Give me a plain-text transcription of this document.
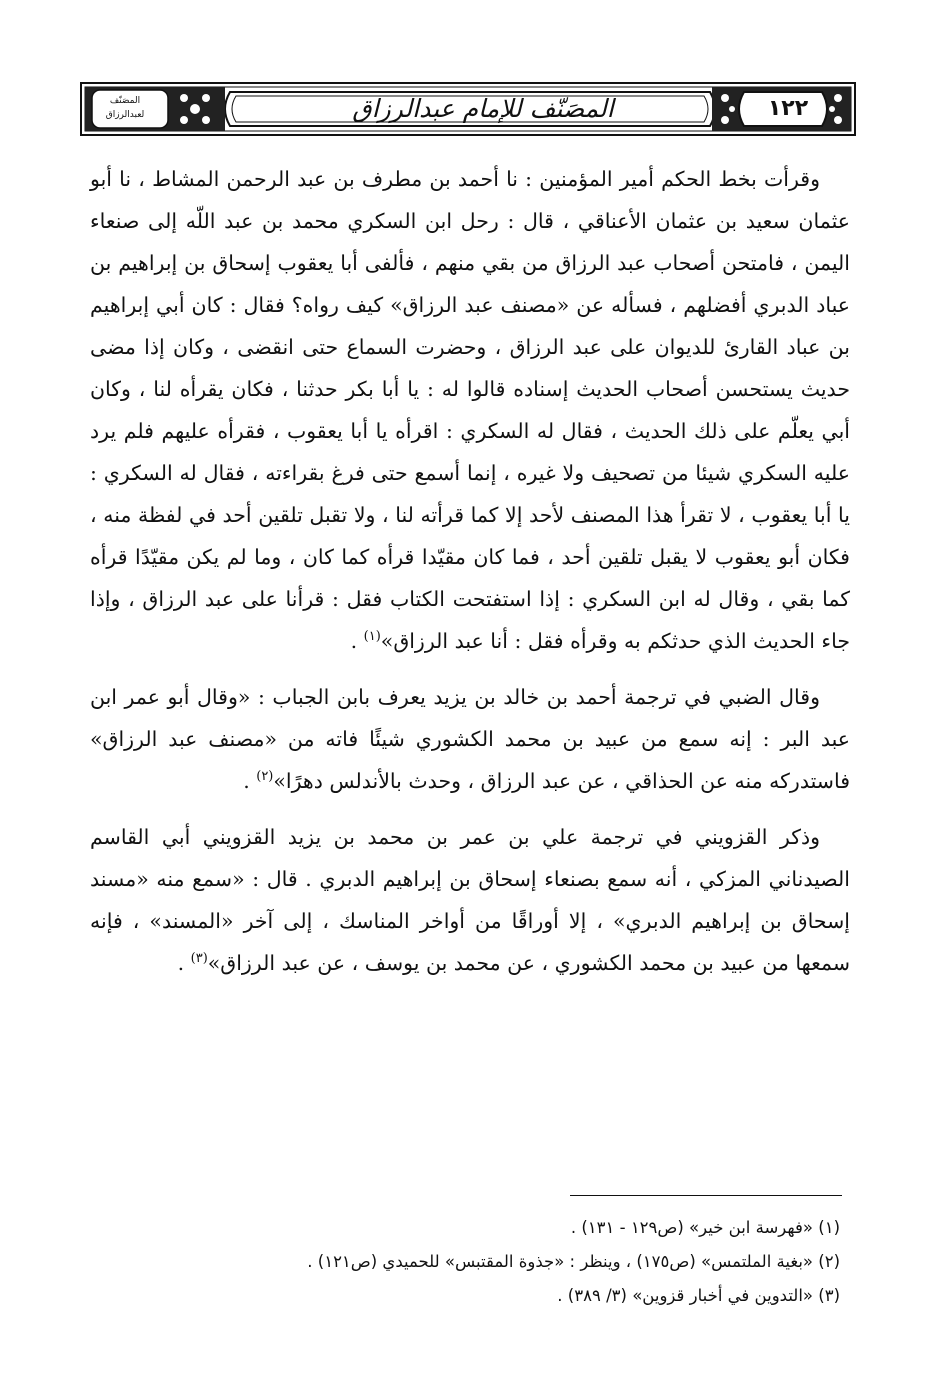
١٢٢
المصَنّف للإمام عبدالرزاق
المصَنّف لعبدالرزاق

وقرأت بخط الحكم أمير المؤمنين : نا أحمد بن مطرف بن عبد الرحمن المشاط ، نا أبو عثمان سعيد بن عثمان الأعناقي ، قال : رحل ابن السكري محمد بن عبد اللّه إلى صنعاء اليمن ، فامتحن أصحاب عبد الرزاق من بقي منهم ، فألفى أبا يعقوب إسحاق بن إبراهيم بن عباد الدبري أفضلهم ، فسأله عن «مصنف عبد الرزاق» كيف رواه؟ فقال : كان أبي إبراهيم بن عباد القارئ للديوان على عبد الرزاق ، وحضرت السماع حتى انقضى ، وكان إذا مضى حديث يستحسن أصحاب الحديث إسناده قالوا له : يا أبا بكر حدثنا ، فكان يقرأه لنا ، وكان أبي يعلّم على ذلك الحديث ، فقال له السكري : اقرأه يا أبا يعقوب ، فقرأه عليهم فلم يرد عليه السكري شيئا من تصحيف ولا غيره ، إنما أسمع حتى فرغ بقراءته ، فقال له السكري : يا أبا يعقوب ، لا تقرأ هذا المصنف لأحد إلا كما قرأته لنا ، ولا تقبل تلقين أحد في لفظة منه ، فكان أبو يعقوب لا يقبل تلقين أحد ، فما كان مقيّدا قرأه كما كان ، وما لم يكن مقيّدًا قرأه كما بقي ، وقال له ابن السكري : إذا استفتحت الكتاب فقل : قرأنا على عبد الرزاق ، وإذا جاء الحديث الذي حدثكم به وقرأه فقل : أنا عبد الرزاق»$^{(١)}$ .

وقال الضبي في ترجمة أحمد بن خالد بن يزيد يعرف بابن الجباب : «وقال أبو عمر ابن عبد البر : إنه سمع من عبيد بن محمد الكشوري شيئًا فاته من «مصنف عبد الرزاق» فاستدركه منه عن الحذاقي ، عن عبد الرزاق ، وحدث بالأندلس دهرًا»$^{(٢)}$ .

وذكر القزويني في ترجمة علي بن عمر بن محمد بن يزيد القزويني أبي القاسم الصيدناني المزكي ، أنه سمع بصنعاء إسحاق بن إبراهيم الدبري . قال : «سمع منه «مسند إسحاق بن إبراهيم الدبري» ، إلا أوراقًا من أواخر المناسك ، إلى آخر «المسند» ، فإنه سمعها من عبيد بن محمد الكشوري ، عن محمد بن يوسف ، عن عبد الرزاق»$^{(٣)}$ .

(١) «فهرسة ابن خير» (ص١٢٩ - ١٣١) .

(٢) «بغية الملتمس» (ص١٧٥) ، وينظر : «جذوة المقتبس» للحميدي (ص١٢١) .

(٣) «التدوين في أخبار قزوين» (٣/ ٣٨٩) .
